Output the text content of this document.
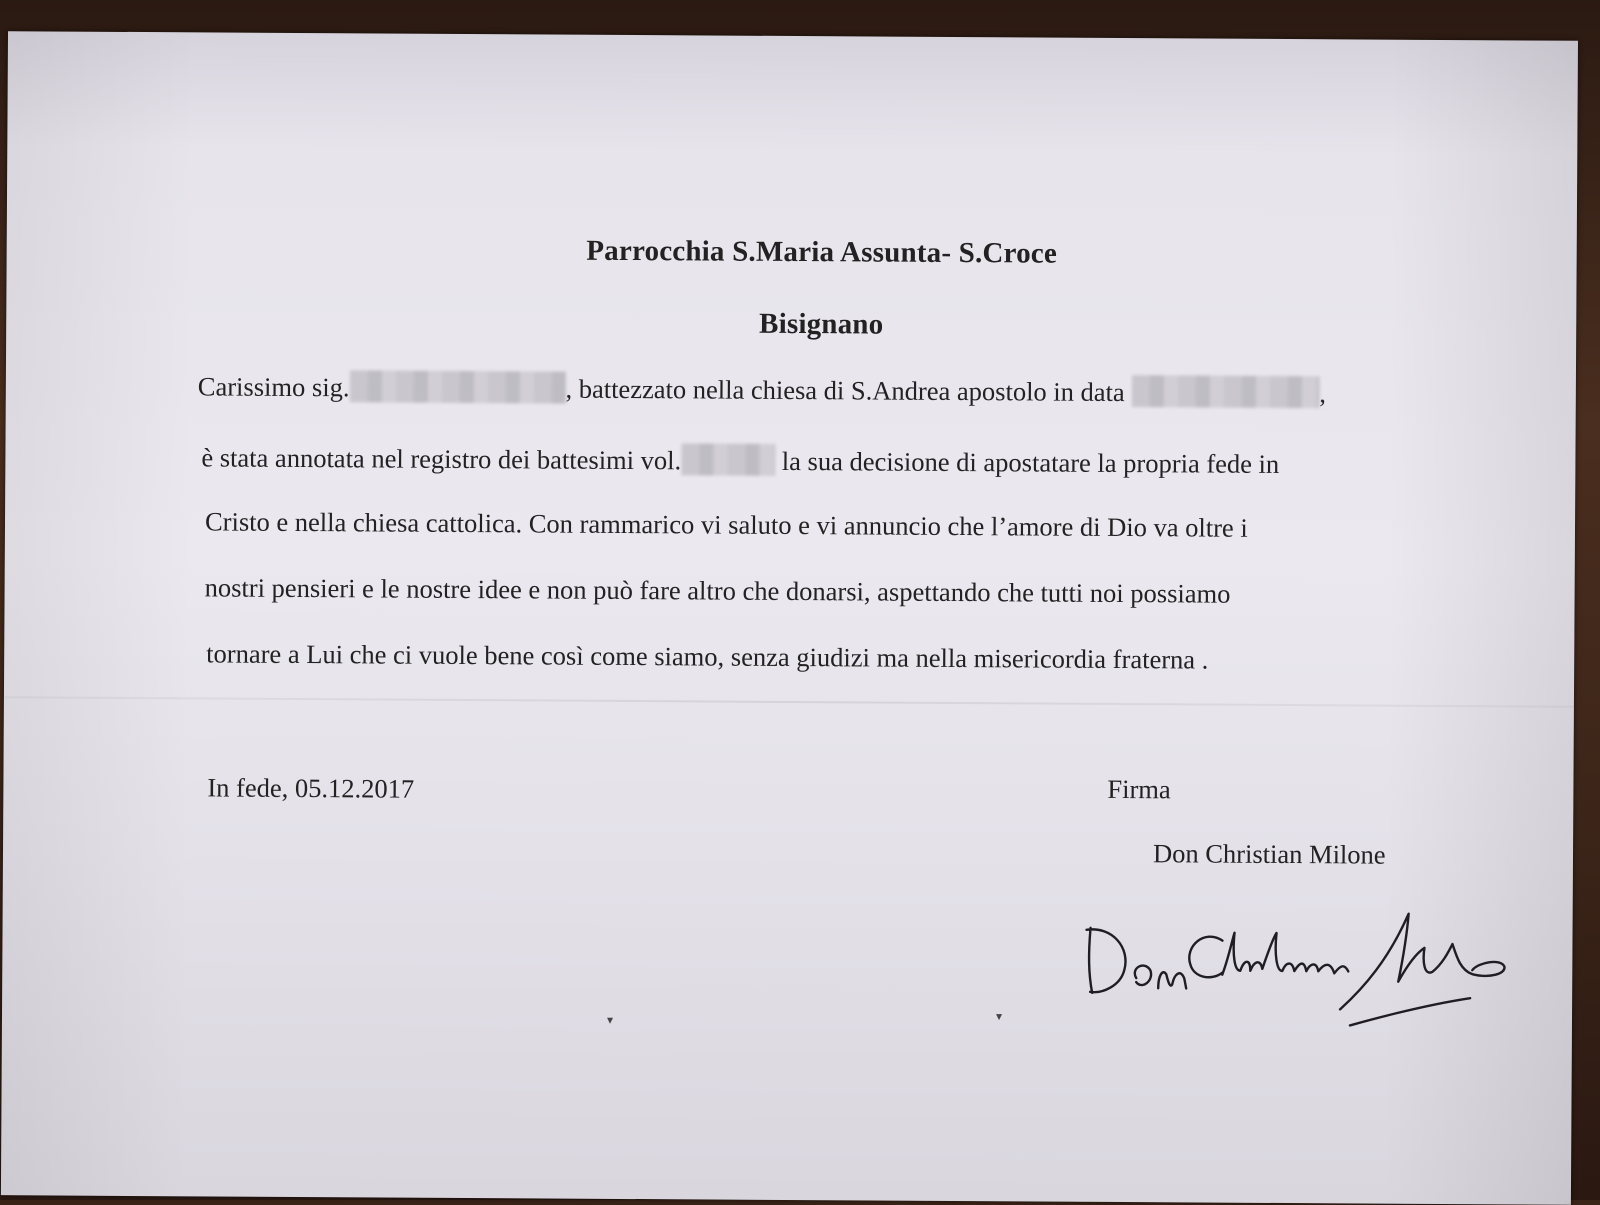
Parrocchia S.Maria Assunta- S.Croce
Bisignano
Carissimo sig.	, battezzato nella chiesa di S.Andrea apostolo in data	,
è stata annotata nel registro dei battesimi vol.	la sua decisione di apostatare la propria fede in
Cristo e nella chiesa cattolica. Con rammarico vi saluto e vi annuncio che l’amore di Dio va oltre i
nostri pensieri e le nostre idee e non può fare altro che donarsi, aspettando che tutti noi possiamo
tornare a Lui che ci vuole bene così come siamo, senza giudizi ma nella misericordia fraterna .
In fede, 05.12.2017	Firma
Don Christian Milone
▾	▾
